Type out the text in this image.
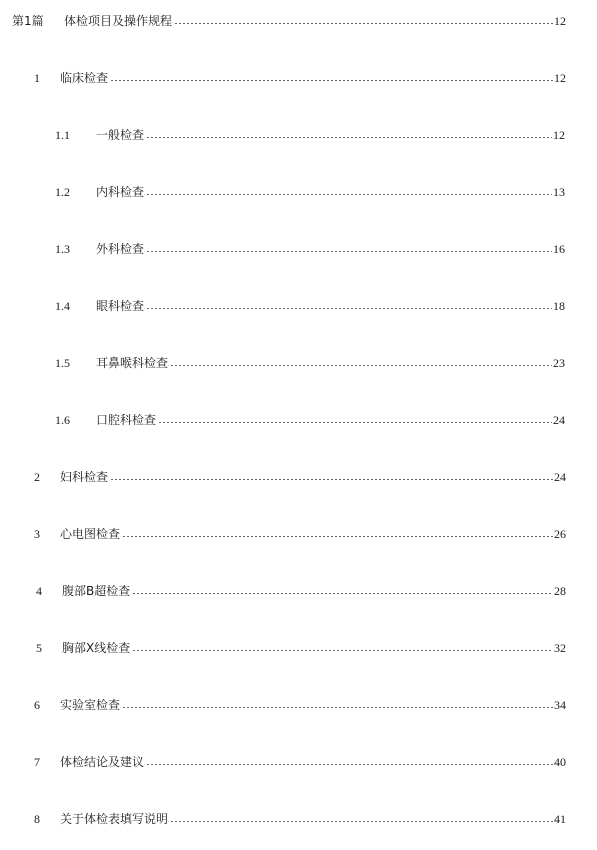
第1篇	体检项目及操作规程	12
1	临床检查	12
1.1	一般检查	12
1.2	内科检查	13
1.3	外科检查	16
1.4	眼科检查	18
1.5	耳鼻喉科检查	23
1.6	口腔科检查	24
2	妇科检查	24
3	心电图检查	26
4	腹部B超检查	28
5	胸部X线检查	32
6	实验室检查	34
7	体检结论及建议	40
8	关于体检表填写说明	41
